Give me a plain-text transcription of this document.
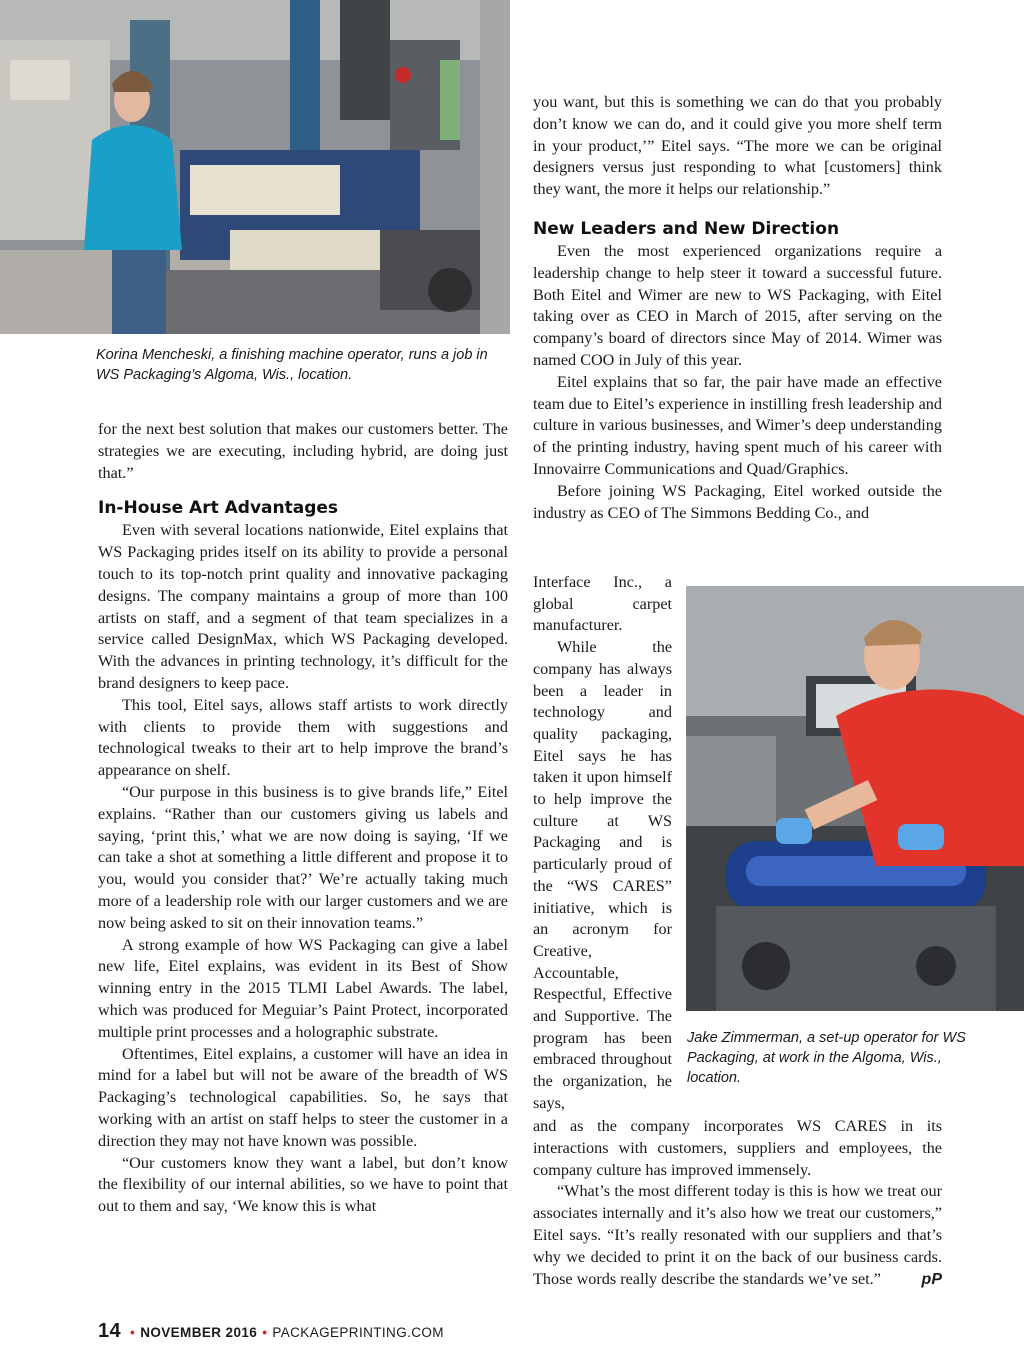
Korina Mencheski, a finishing machine operator, runs a job in WS Packaging’s Algoma, Wis., location.

for the next best solution that makes our customers better. The strategies we are executing, including hybrid, are doing just that.”

In-House Art Advantages

Even with several locations nationwide, Eitel explains that WS Packaging prides itself on its ability to provide a personal touch to its top-notch print quality and innovative packaging designs. The company maintains a group of more than 100 artists on staff, and a segment of that team specializes in a service called DesignMax, which WS Packaging developed. With the advances in printing technology, it’s difficult for the brand designers to keep pace.

This tool, Eitel says, allows staff artists to work directly with clients to provide them with suggestions and technological tweaks to their art to help improve the brand’s appearance on shelf.

“Our purpose in this business is to give brands life,” Eitel explains. “Rather than our customers giving us labels and saying, ‘print this,’ what we are now doing is saying, ‘If we can take a shot at something a little different and propose it to you, would you consider that?’ We’re actually taking much more of a leadership role with our larger customers and we are now being asked to sit on their innovation teams.”

A strong example of how WS Packaging can give a label new life, Eitel explains, was evident in its Best of Show winning entry in the 2015 TLMI Label Awards. The label, which was produced for Meguiar’s Paint Protect, incorporated multiple print processes and a holographic substrate.

Oftentimes, Eitel explains, a customer will have an idea in mind for a label but will not be aware of the breadth of WS Packaging’s technological capabilities. So, he says that working with an artist on staff helps to steer the customer in a direction they may not have known was possible.

“Our customers know they want a label, but don’t know the flexibility of our internal abilities, so we have to point that out to them and say, ‘We know this is what

you want, but this is something we can do that you probably don’t know we can do, and it could give you more shelf term in your product,’” Eitel says. “The more we can be original designers versus just responding to what [customers] think they want, the more it helps our relationship.”

New Leaders and New Direction

Even the most experienced organizations require a leadership change to help steer it toward a successful future. Both Eitel and Wimer are new to WS Packaging, with Eitel taking over as CEO in March of 2015, after serving on the company’s board of directors since May of 2014. Wimer was named COO in July of this year.

Eitel explains that so far, the pair have made an effective team due to Eitel’s experience in instilling fresh leadership and culture in various businesses, and Wimer’s deep understanding of the printing industry, having spent much of his career with Innovairre Communications and Quad/Graphics.

Before joining WS Packaging, Eitel worked outside the industry as CEO of The Simmons Bedding Co., and

Interface Inc., a global carpet manufacturer.

While the company has always been a leader in technology and quality packaging, Eitel says he has taken it upon himself to help improve the culture at WS Packaging and is particularly proud of the “WS CARES” initiative, which is an acronym for Creative, Accountable, Respectful, Effective and Supportive. The program has been embraced throughout the organization, he says,

Jake Zimmerman, a set-up operator for WS Packaging, at work in the Algoma, Wis., location.

and as the company incorporates WS CARES in its interactions with customers, suppliers and employees, the company culture has improved immensely.

“What’s the most different today is this is how we treat our associates internally and it’s also how we treat our customers,” Eitel says. “It’s really resonated with our suppliers and that’s why we decided to print it on the back of our business cards. Those words really describe the standards we’ve set.”	pP

14 • NOVEMBER 2016 • PACKAGEPRINTING.COM
